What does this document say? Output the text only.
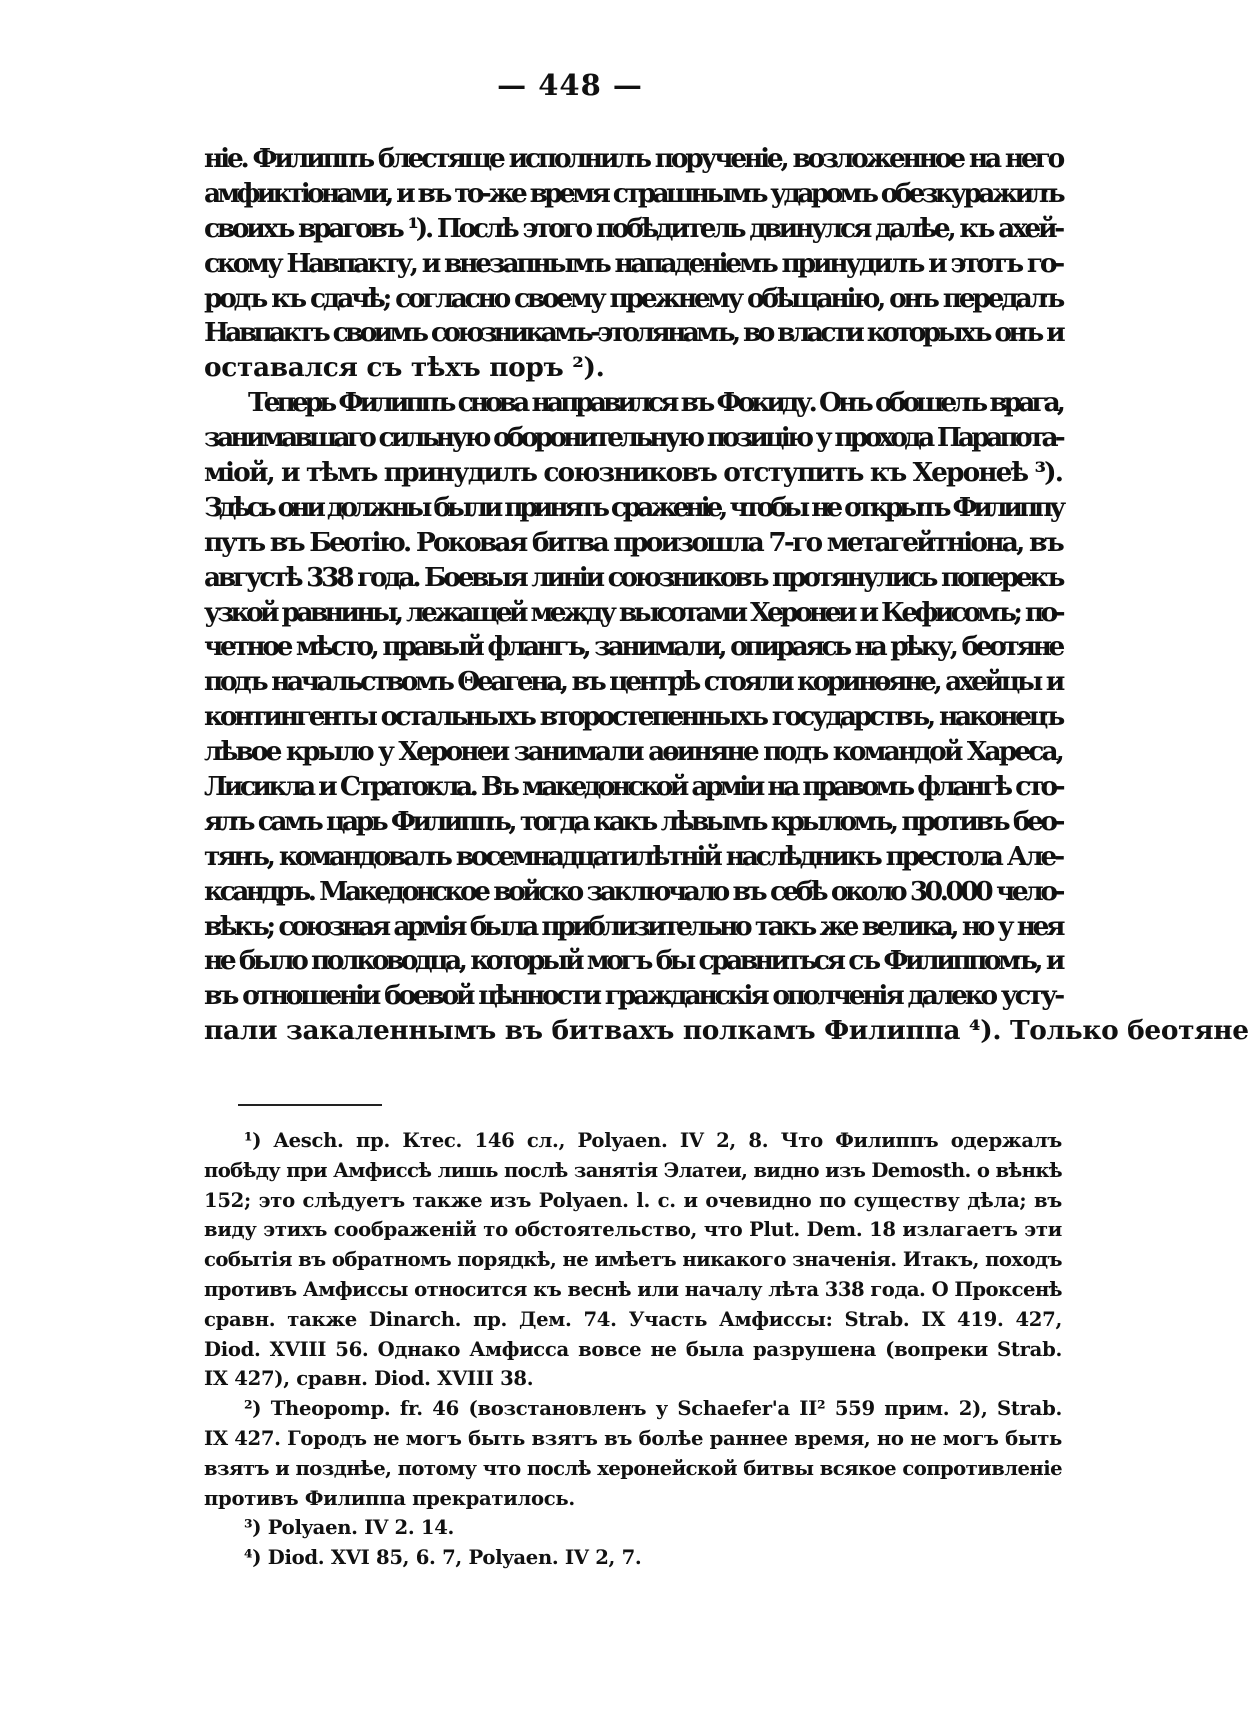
— 448 —
ніе. Филиппъ блестяще исполнилъ порученіе, возложенное на него
амфиктіонами, и въ то-же время страшнымъ ударомъ обезкуражилъ
своихъ враговъ ¹). Послѣ этого побѣдитель двинулся далѣе, къ ахей-
скому Навпакту, и внезапнымъ нападеніемъ принудилъ и этотъ го-
родъ къ сдачѣ; согласно своему прежнему обѣщанію, онъ передалъ
Навпактъ своимъ союзникамъ-этолянамъ, во власти которыхъ онъ и
оставался съ тѣхъ поръ ²).
Теперь Филиппъ снова направился въ Фокиду. Онъ обошелъ врага,
занимавшаго сильную оборонительную позицію у прохода Парапота-
міой, и тѣмъ принудилъ союзниковъ отступить къ Херонеѣ ³).
Здѣсь они должны были принять сраженіе, чтобы не открыть Филиппу
путь въ Беотію. Роковая битва произошла 7-го метагейтніона, въ
августѣ 338 года. Боевыя линіи союзниковъ протянулись поперекъ
узкой равнины, лежащей между высотами Херонеи и Кефисомъ; по-
четное мѣсто, правый флангъ, занимали, опираясь на рѣку, беотяне
подъ начальствомъ Θеагена, въ центрѣ стояли коринѳяне, ахейцы и
контингенты остальныхъ второстепенныхъ государствъ, наконецъ
лѣвое крыло у Херонеи занимали аѳиняне подъ командой Хареса,
Лисикла и Стратокла. Въ македонской арміи на правомъ флангѣ сто-
ялъ самъ царь Филиппъ, тогда какъ лѣвымъ крыломъ, противъ бео-
тянъ, командовалъ восемнадцатилѣтній наслѣдникъ престола Але-
ксандръ. Македонское войско заключало въ себѣ около 30.000 чело-
вѣкъ; союзная армія была приблизительно такъ же велика, но у нея
не было полководца, который могъ бы сравниться съ Филиппомъ, и
въ отношеніи боевой цѣнности гражданскія ополченія далеко усту-
пали закаленнымъ въ битвахъ полкамъ Филиппа ⁴). Только беотяне
¹) Aesch. пр. Ктес. 146 сл., Polyaen. IV 2, 8. Что Филиппъ одержалъ
побѣду при Амфиссѣ лишь послѣ занятія Элатеи, видно изъ Demosth. о вѣнкѣ
152; это слѣдуетъ также изъ Polyaen. l. c. и очевидно по существу дѣла; въ
виду этихъ соображеній то обстоятельство, что Plut. Dem. 18 излагаетъ эти
событія въ обратномъ порядкѣ, не имѣетъ никакого значенія. Итакъ, походъ
противъ Амфиссы относится къ веснѣ или началу лѣта 338 года. О Проксенѣ
сравн. также Dinarch. пр. Дем. 74. Участь Амфиссы: Strab. IX 419. 427,
Diod. XVIII 56. Однако Амфисса вовсе не была разрушена (вопреки Strab.
IX 427), сравн. Diod. XVIII 38.
²) Theopomp. fr. 46 (возстановленъ у Schaefer'a II² 559 прим. 2), Strab.
IX 427. Городъ не могъ быть взятъ въ болѣе раннее время, но не могъ быть
взятъ и позднѣе, потому что послѣ херонейской битвы всякое сопротивленіе
противъ Филиппа прекратилось.
³) Polyaen. IV 2. 14.
⁴) Diod. XVI 85, 6. 7, Polyaen. IV 2, 7.
